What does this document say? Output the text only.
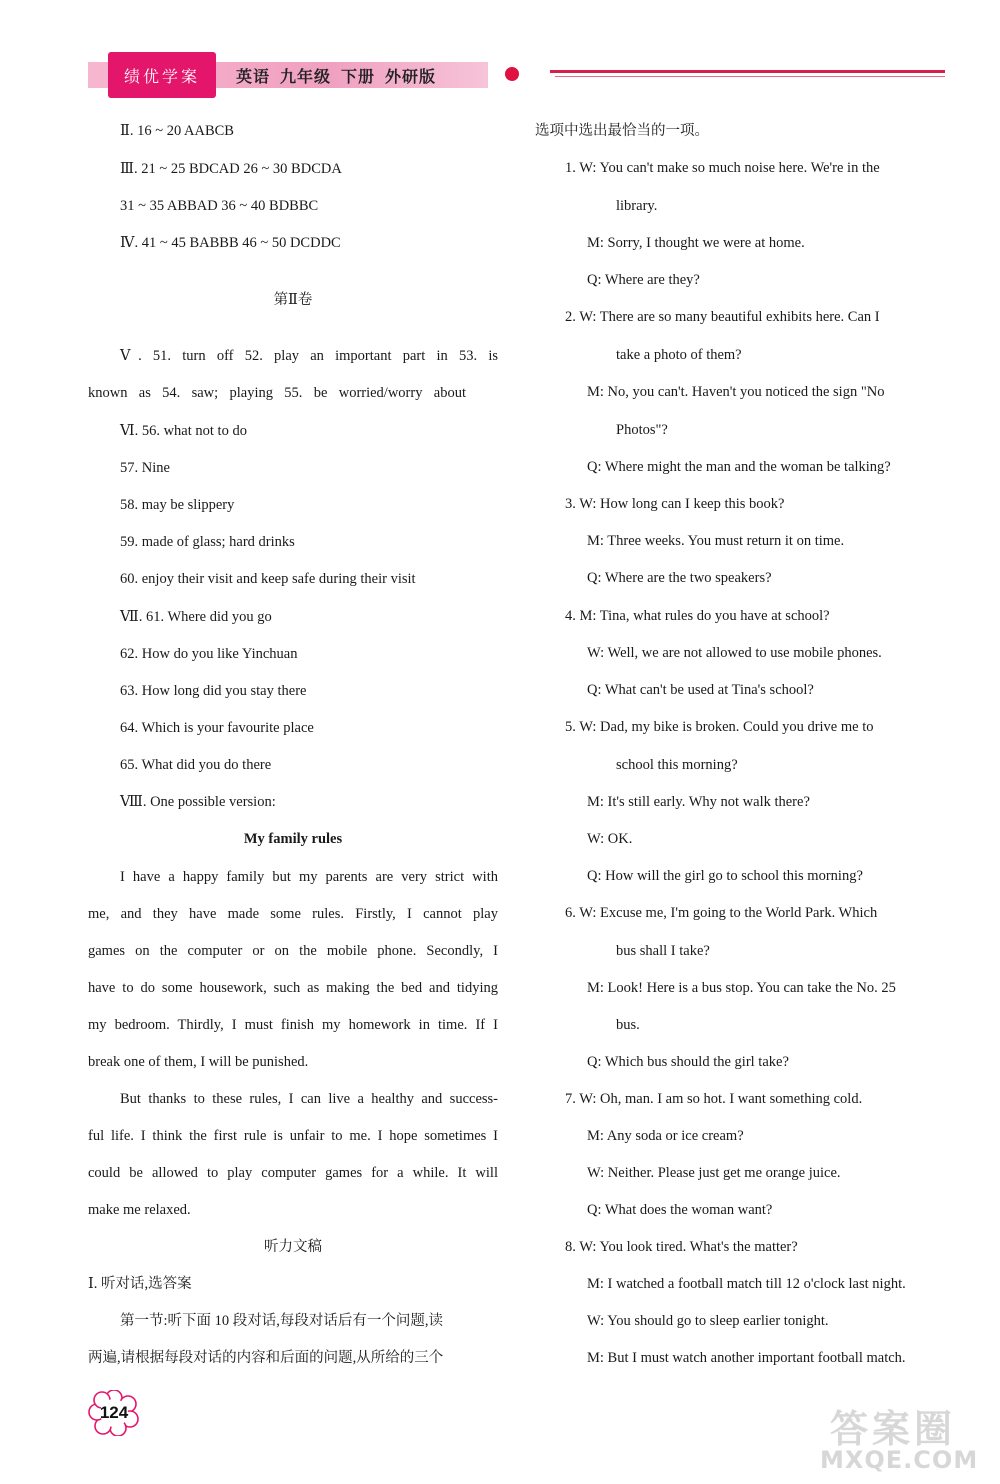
绩优学案	英语  九年级  下册  外研版
Ⅱ. 16 ~ 20 AABCB
Ⅲ. 21 ~ 25 BDCAD 26 ~ 30 BDCDA
31 ~ 35 ABBAD 36 ~ 40 BDBBC
Ⅳ. 41 ~ 45 BABBB 46 ~ 50 DCDDC
第Ⅱ卷
Ⅴ. 51. turn off 52. play an important part in 53. is
known as 54. saw; playing 55. be worried/worry about
Ⅵ. 56. what not to do
57. Nine
58. may be slippery
59. made of glass; hard drinks
60. enjoy their visit and keep safe during their visit
Ⅶ. 61. Where did you go
62. How do you like Yinchuan
63. How long did you stay there
64. Which is your favourite place
65. What did you do there
Ⅷ. One possible version:
My family rules
I have a happy family but my parents are very strict with
me, and they have made some rules. Firstly, I cannot play
games on the computer or on the mobile phone. Secondly, I
have to do some housework, such as making the bed and tidying
my bedroom. Thirdly, I must finish my homework in time. If I
break one of them, I will be punished.
But thanks to these rules, I can live a healthy and success-
ful life. I think the first rule is unfair to me. I hope sometimes I
could be allowed to play computer games for a while. It will
make me relaxed.
听力文稿
Ⅰ. 听对话,选答案
第一节:听下面 10 段对话,每段对话后有一个问题,读
两遍,请根据每段对话的内容和后面的问题,从所给的三个
选项中选出最恰当的一项。
1. W: You can't make so much noise here. We're in the
library.
M: Sorry, I thought we were at home.
Q: Where are they?
2. W: There are so many beautiful exhibits here. Can I
take a photo of them?
M: No, you can't. Haven't you noticed the sign "No
Photos"?
Q: Where might the man and the woman be talking?
3. W: How long can I keep this book?
M: Three weeks. You must return it on time.
Q: Where are the two speakers?
4. M: Tina, what rules do you have at school?
W: Well, we are not allowed to use mobile phones.
Q: What can't be used at Tina's school?
5. W: Dad, my bike is broken. Could you drive me to
school this morning?
M: It's still early. Why not walk there?
W: OK.
Q: How will the girl go to school this morning?
6. W: Excuse me, I'm going to the World Park. Which
bus shall I take?
M: Look! Here is a bus stop. You can take the No. 25
bus.
Q: Which bus should the girl take?
7. W: Oh, man. I am so hot. I want something cold.
M: Any soda or ice cream?
W: Neither. Please just get me orange juice.
Q: What does the woman want?
8. W: You look tired. What's the matter?
M: I watched a football match till 12 o'clock last night.
W: You should go to sleep earlier tonight.
M: But I must watch another important football match.
124	答案圈
MXQE.COM
